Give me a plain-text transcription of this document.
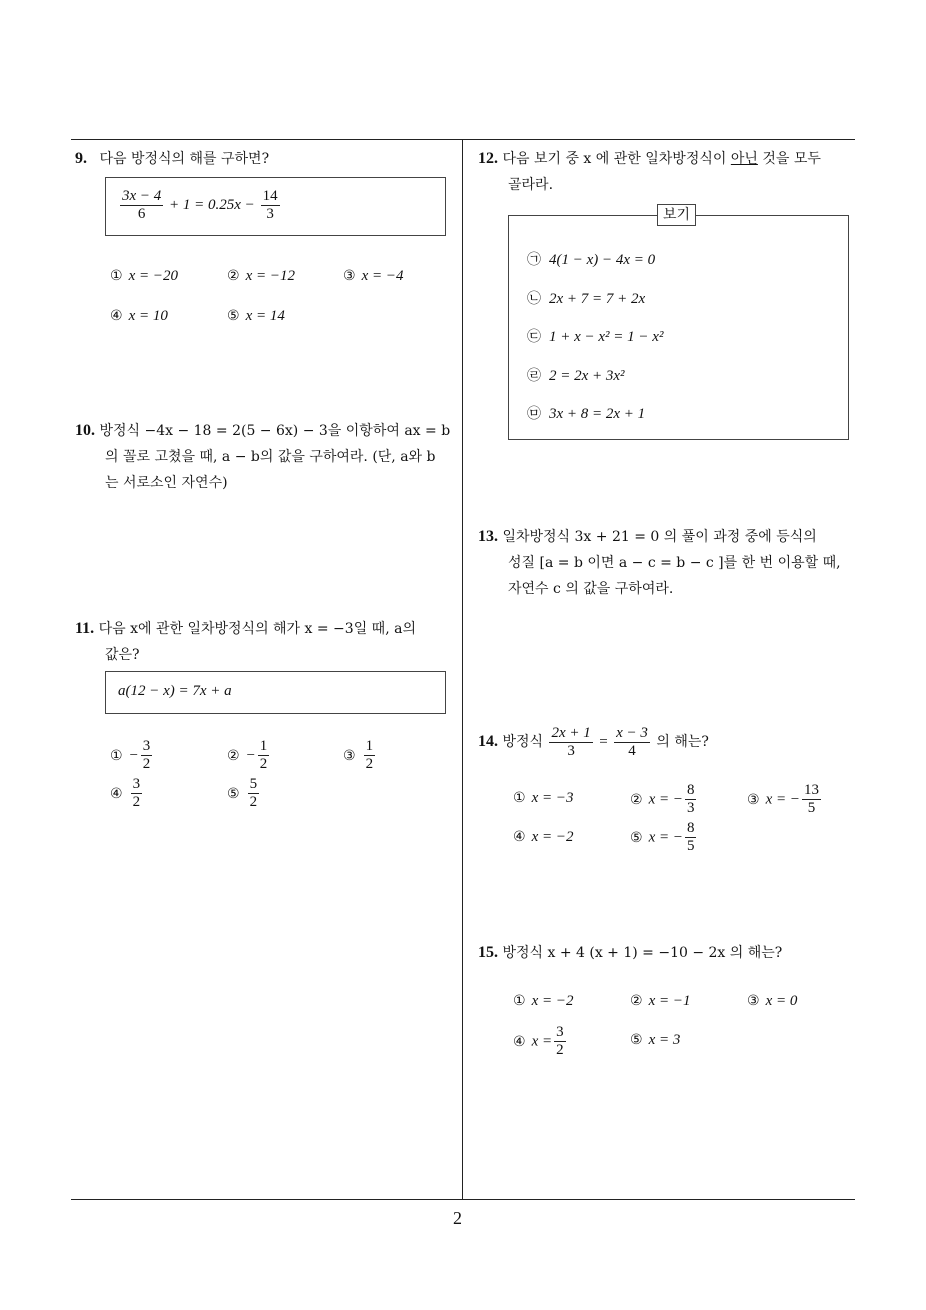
2
9. 다음 방정식의 해를 구하면?
$\frac{3x - 4}{6} + 1 = 0.25x - \frac{14}{3}$
① x = −20	② x = −12	③ x = −4
④ x = 10	⑤ x = 14
10. 방정식 −4x − 18 = 2(5 − 6x) − 3을 이항하여 ax = b
의 꼴로 고쳤을 때, a − b의 값을 구하여라. (단, a와 b
는 서로소인 자연수)
11. 다음 x에 관한 일차방정식의 해가 x = −3일 때, a의
값은?
a(12 − x) = 7x + a
① − $\frac{3}{2}$	② − $\frac{1}{2}$	③ $\frac{1}{2}$
④ $\frac{3}{2}$	⑤ $\frac{5}{2}$
12. 다음 보기 중 x 에 관한 일차방정식이 아닌 것을 모두
골라라.
보기
㉠ 4(1 − x) − 4x = 0
㉡ 2x + 7 = 7 + 2x
㉢ 1 + x − x² = 1 − x²
㉣ 2 = 2x + 3x²
㉤ 3x + 8 = 2x + 1
13. 일차방정식 3x + 21 = 0 의 풀이 과정 중에 등식의
성질 [a = b 이면 a − c = b − c ]를 한 번 이용할 때,
자연수 c 의 값을 구하여라.
14. 방정식 $\frac{2x + 1}{3} = \frac{x - 3}{4}$ 의 해는?
① x = −3	② x = − $\frac{8}{3}$	③ x = − $\frac{13}{5}$
④ x = −2	⑤ x = − $\frac{8}{5}$
15. 방정식 x + 4 (x + 1) = −10 − 2x 의 해는?
① x = −2	② x = −1	③ x = 0
④ $x = \frac{3}{2}$	⑤ x = 3
